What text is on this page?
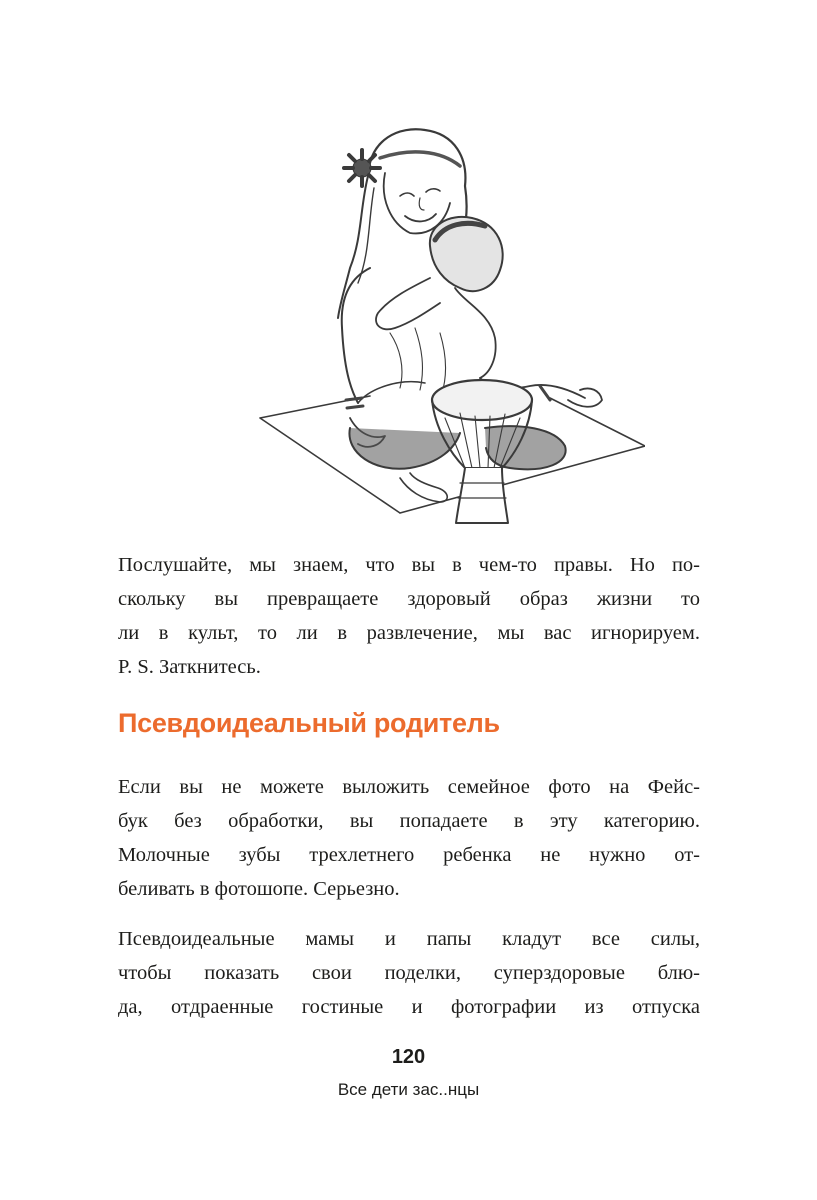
Послушайте, мы знаем, что вы в чем-то правы. Но по-
скольку вы превращаете здоровый образ жизни то
ли в культ, то ли в развлечение, мы вас игнорируем.
P. S. Заткнитесь.

Псевдоидеальный родитель

Если вы не можете выложить семейное фото на Фейс-
бук без обработки, вы попадаете в эту категорию.
Молочные зубы трехлетнего ребенка не нужно от-
беливать в фотошопе. Серьезно.

Псевдоидеальные мамы и папы кладут все силы,
чтобы показать свои поделки, суперздоровые блю-
да, отдраенные гостиные и фотографии из отпуска

120
Все дети зас..нцы
